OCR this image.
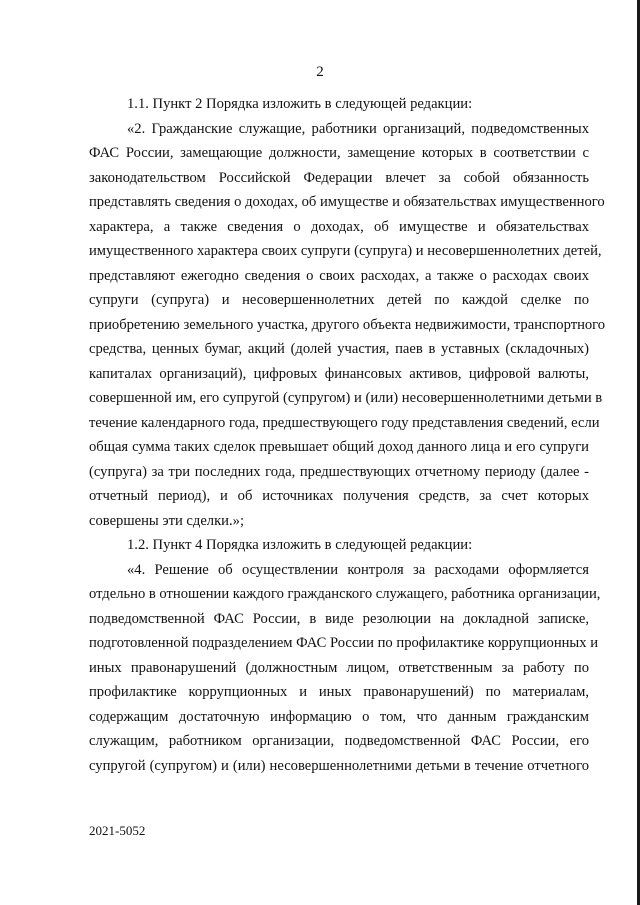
2
1.1. Пункт 2 Порядка изложить в следующей редакции:
«2. Гражданские служащие, работники организаций, подведомственных
ФАС России, замещающие должности, замещение которых в соответствии с
законодательством Российской Федерации влечет за собой обязанность
представлять сведения о доходах, об имуществе и обязательствах имущественного
характера, а также сведения о доходах, об имуществе и обязательствах
имущественного характера своих супруги (супруга) и несовершеннолетних детей,
представляют ежегодно сведения о своих расходах, а также о расходах своих
супруги (супруга) и несовершеннолетних детей по каждой сделке по
приобретению земельного участка, другого объекта недвижимости, транспортного
средства, ценных бумаг, акций (долей участия, паев в уставных (складочных)
капиталах организаций), цифровых финансовых активов, цифровой валюты,
совершенной им, его супругой (супругом) и (или) несовершеннолетними детьми в
течение календарного года, предшествующего году представления сведений, если
общая сумма таких сделок превышает общий доход данного лица и его супруги
(супруга) за три последних года, предшествующих отчетному периоду (далее -
отчетный период), и об источниках получения средств, за счет которых
совершены эти сделки.»;
1.2. Пункт 4 Порядка изложить в следующей редакции:
«4. Решение об осуществлении контроля за расходами оформляется
отдельно в отношении каждого гражданского служащего, работника организации,
подведомственной ФАС России, в виде резолюции на докладной записке,
подготовленной подразделением ФАС России по профилактике коррупционных и
иных правонарушений (должностным лицом, ответственным за работу по
профилактике коррупционных и иных правонарушений) по материалам,
содержащим достаточную информацию о том, что данным гражданским
служащим, работником организации, подведомственной ФАС России, его
супругой (супругом) и (или) несовершеннолетними детьми в течение отчетного
2021-5052
